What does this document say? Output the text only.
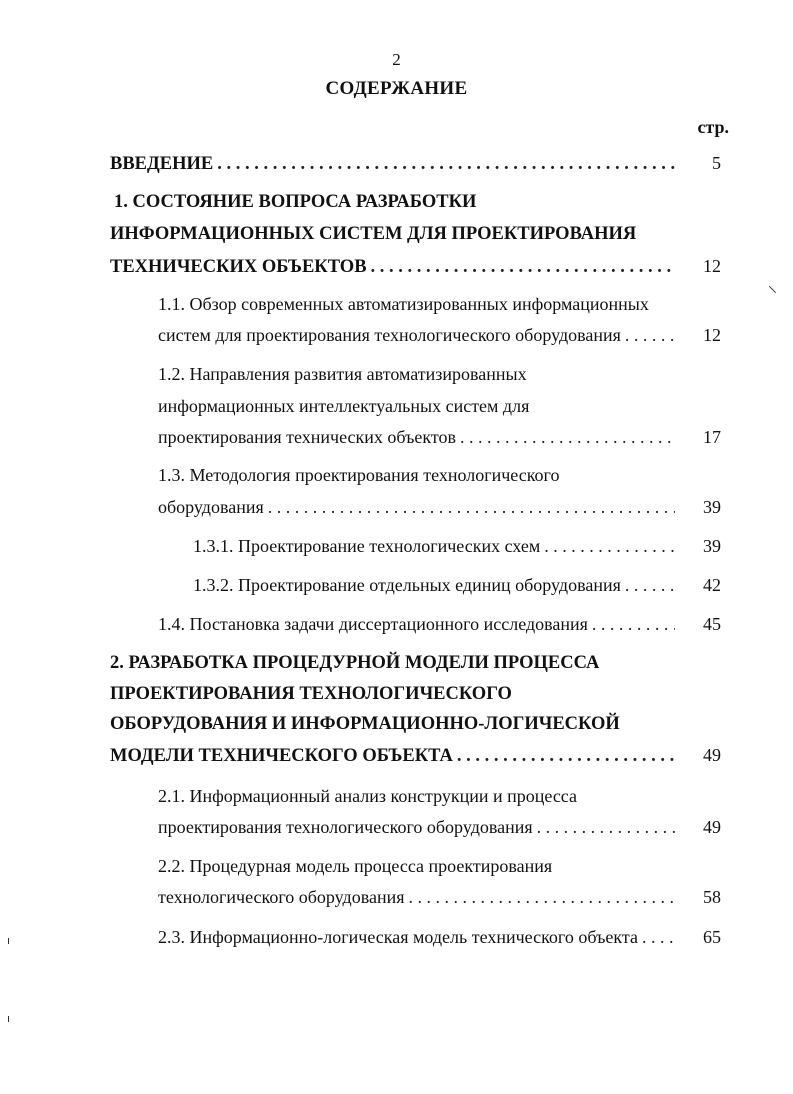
2
СОДЕРЖАНИЕ
стр.
ВВЕДЕНИЕ . . .	5
1. СОСТОЯНИЕ ВОПРОСА РАЗРАБОТКИ
ИНФОРМАЦИОННЫХ СИСТЕМ ДЛЯ ПРОЕКТИРОВАНИЯ
ТЕХНИЧЕСКИХ ОБЪЕКТОВ . . .	12
1.1. Обзор современных автоматизированных информационных
систем для проектирования технологического оборудования . . .	12
1.2. Направления развития автоматизированных
информационных интеллектуальных систем для
проектирования технических объектов . . .	17
1.3. Методология проектирования технологического
оборудования . . .	39
1.3.1. Проектирование технологических схем . . .	39
1.3.2. Проектирование отдельных единиц оборудования . . .	42
1.4. Постановка задачи диссертационного исследования . . .	45
2. РАЗРАБОТКА ПРОЦЕДУРНОЙ МОДЕЛИ ПРОЦЕССА
ПРОЕКТИРОВАНИЯ ТЕХНОЛОГИЧЕСКОГО
ОБОРУДОВАНИЯ И ИНФОРМАЦИОННО-ЛОГИЧЕСКОЙ
МОДЕЛИ ТЕХНИЧЕСКОГО ОБЪЕКТА . . .	49
2.1. Информационный анализ конструкции и процесса
проектирования технологического оборудования . . .	49
2.2. Процедурная модель процесса проектирования
технологического оборудования . . .	58
2.3. Информационно-логическая модель технического объекта . . .	65
